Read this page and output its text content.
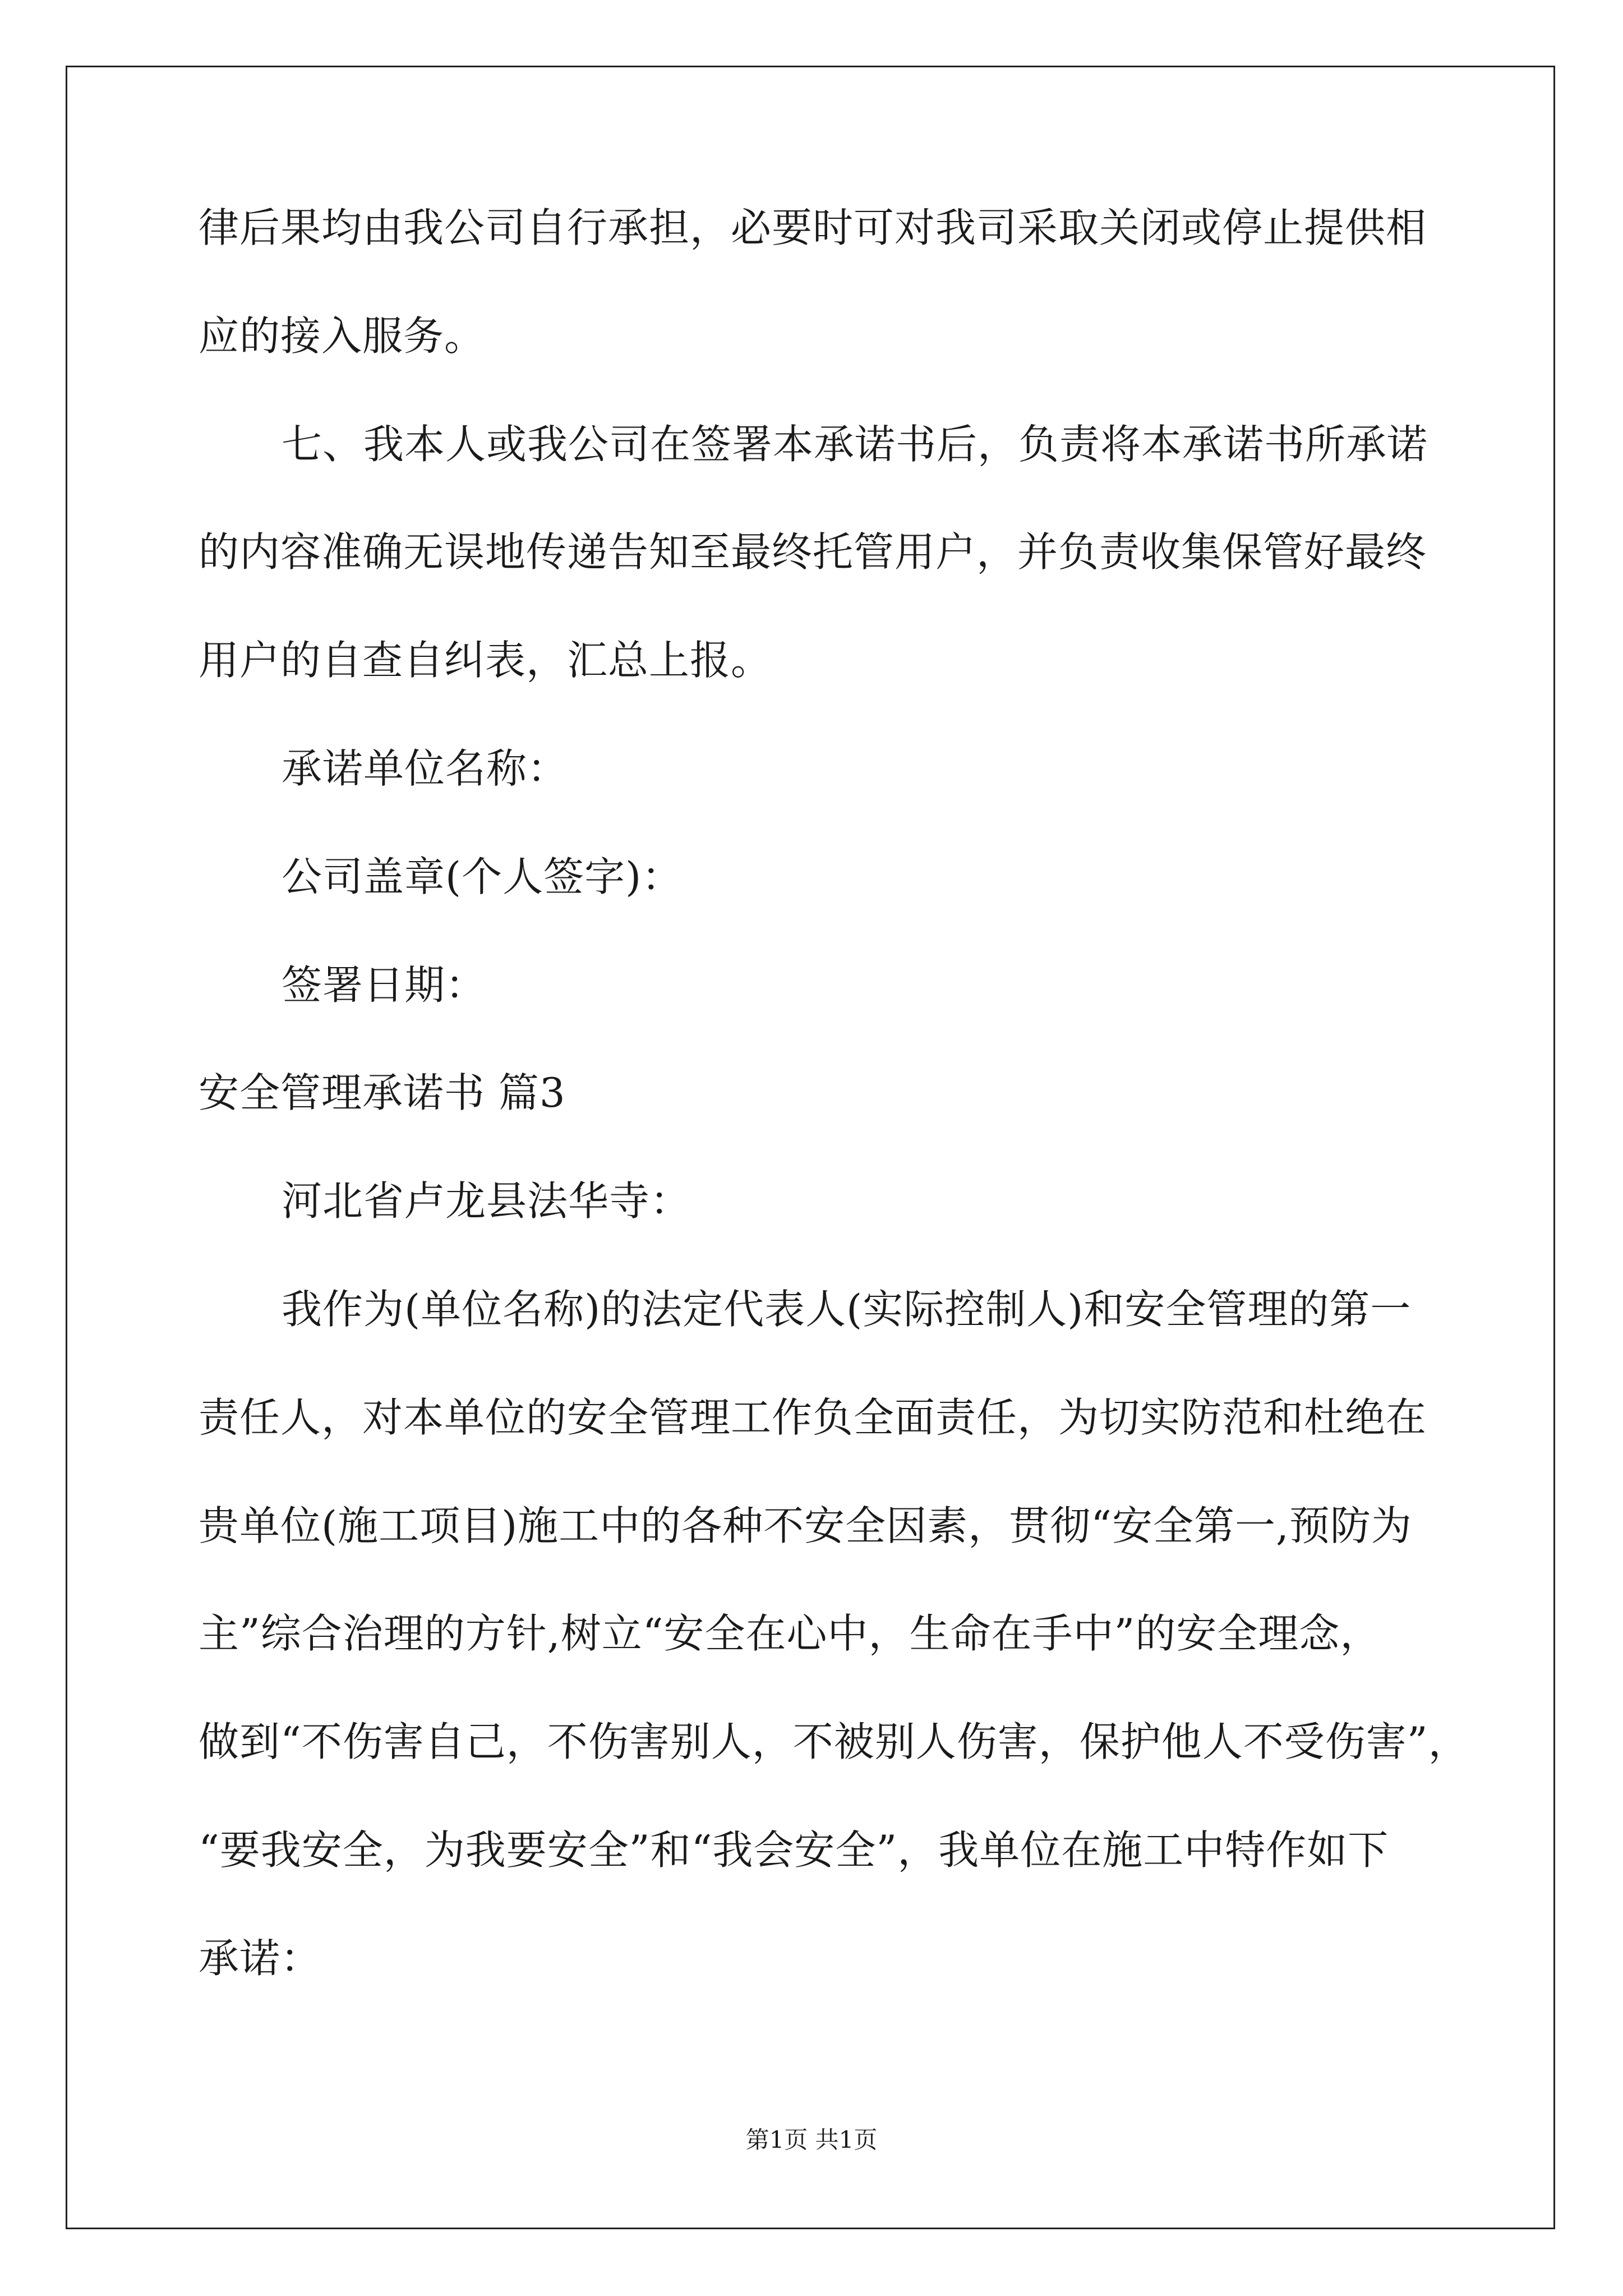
律后果均由我公司自行承担，必要时可对我司采取关闭或停止提供相
应的接入服务。
七、我本人或我公司在签署本承诺书后，负责将本承诺书所承诺
的内容准确无误地传递告知至最终托管用户，并负责收集保管好最终
用户的自查自纠表，汇总上报。
承诺单位名称：
公司盖章(个人签字)：
签署日期：
安全管理承诺书 篇3
河北省卢龙县法华寺：
我作为(单位名称)的法定代表人(实际控制人)和安全管理的第一
责任人，对本单位的安全管理工作负全面责任，为切实防范和杜绝在
贵单位(施工项目)施工中的各种不安全因素，贯彻“安全第一,预防为
主”综合治理的方针,树立“安全在心中，生命在手中”的安全理念，
做到“不伤害自己，不伤害别人，不被别人伤害，保护他人不受伤害”，
“要我安全，为我要安全”和“我会安全”，我单位在施工中特作如下
承诺：
第1页 共1页
